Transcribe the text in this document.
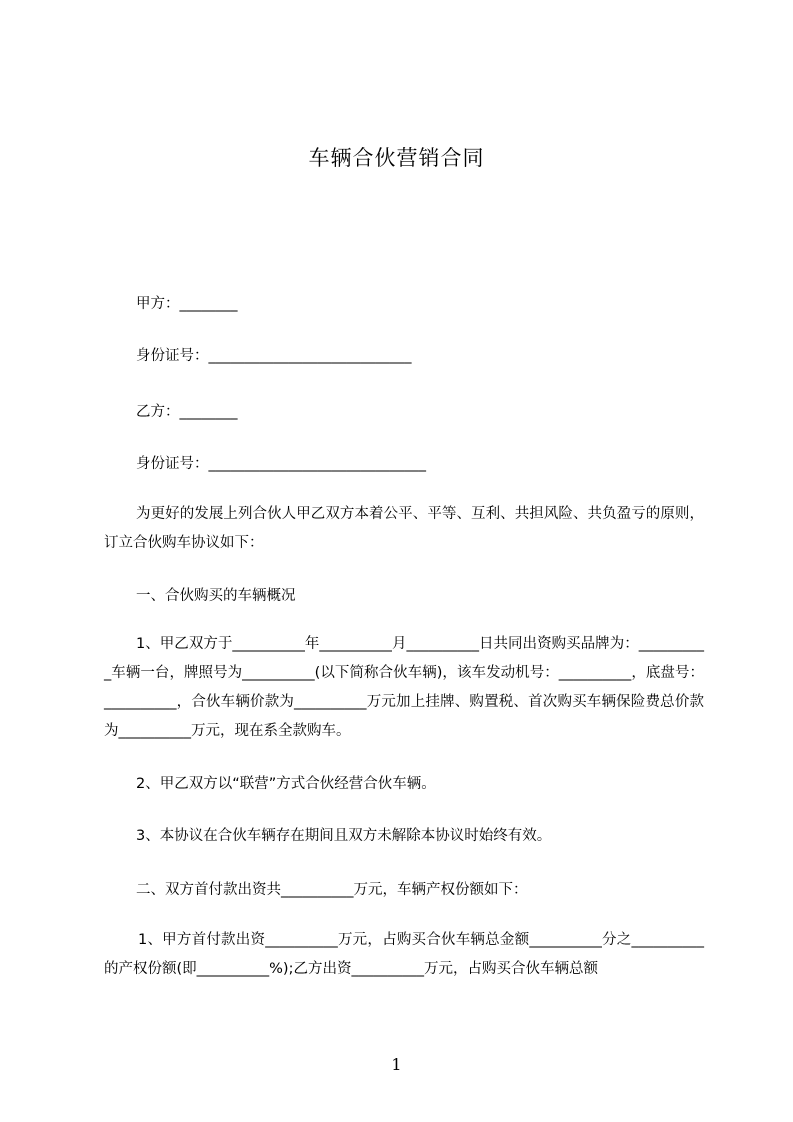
车辆合伙营销合同
甲方：________
身份证号：____________________________
乙方：________
身份证号：______________________________
为更好的发展上列合伙人甲乙双方本着公平、平等、互利、共担风险、共负盈亏的原则，订立合伙购车协议如下：
一、合伙购买的车辆概况
1、甲乙双方于__________年__________月__________日共同出资购买品牌为：__________车辆一台，牌照号为__________(以下简称合伙车辆)，该车发动机号：__________，底盘号：__________，合伙车辆价款为__________万元加上挂牌、购置税、首次购买车辆保险费总价款为__________万元，现在系全款购车。
2、甲乙双方以“联营”方式合伙经营合伙车辆。
3、本协议在合伙车辆存在期间且双方未解除本协议时始终有效。
二、双方首付款出资共__________万元，车辆产权份额如下：
1、甲方首付款出资__________万元，占购买合伙车辆总金额__________分之__________的产权份额(即__________%);乙方出资__________万元，占购买合伙车辆总额
1
